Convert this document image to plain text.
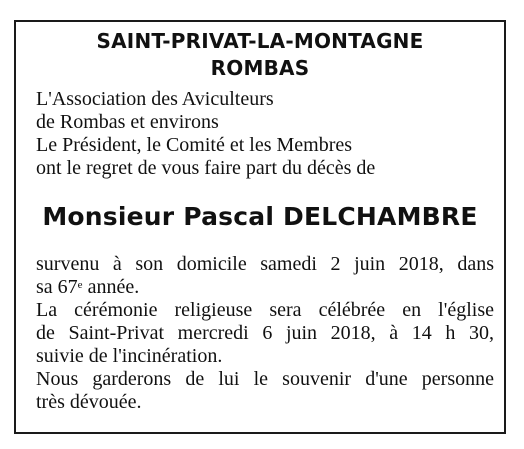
SAINT-PRIVAT-LA-MONTAGNE
ROMBAS
L'Association des Aviculteurs
de Rombas et environs
Le Président, le Comité et les Membres
ont le regret de vous faire part du décès de
Monsieur Pascal DELCHAMBRE
survenu à son domicile samedi 2 juin 2018, dans
sa 67e année.
La cérémonie religieuse sera célébrée en l'église
de Saint-Privat mercredi 6 juin 2018, à 14 h 30,
suivie de l'incinération.
Nous garderons de lui le souvenir d'une personne
très dévouée.
